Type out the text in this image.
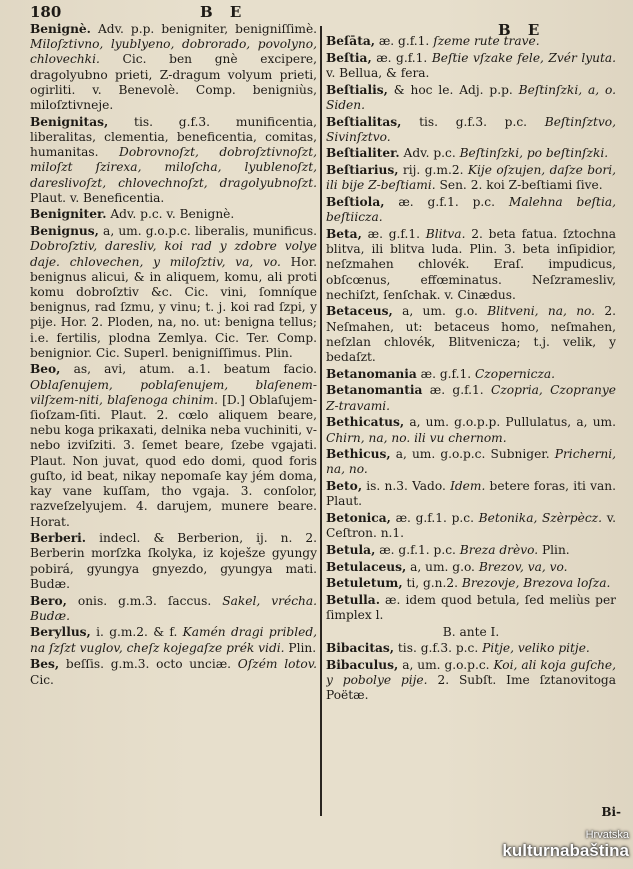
180	B E
B E
Benignè. Adv. p.p. benigniter, benigniſſimè. Miloſztivno, lyublyeno, dobrorado, povolyno, chlovechki. Cic. ben gnè excipere, dragolyubno prieti, Z-dragum volyum prieti, ogirliti. v. Benevolè. Comp. benigniùs, miloſztivneje.
Benignitas, tis. g.f.3. munificentia, liberalitas, clementia, beneficentia, comitas, humanitas. Dobrovnoſzt, dobroſztivnoſzt, miloſzt ſzirexa, miloſcha, lyublenoſzt, dareslivoſzt, chlovechnoſzt, dragolyubnoſzt. Plaut. v. Beneficentia.
Benigniter. Adv. p.c. v. Benignè.
Benignus, a, um. g.o.p.c. liberalis, munificus. Dobroſztiv, daresliv, koi rad y zdobre volye daje. chlovechen, y miloſztiv, va, vo. Hor. benignus alicui, & in aliquem, komu, ali proti komu dobroſztiv &c. Cic. vini, ſomníque benignus, rad ſzmu, y vinu; t. j. koi rad ſzpi, y pije. Hor. 2. Ploden, na, no. ut: benigna tellus; i.e. fertilis, plodna Zemlya. Cic. Ter. Comp. benignior. Cic. Superl. benigniſſimus. Plin.
Beo, as, avi, atum. a.1. beatum facio. Oblaſenujem, poblaſenujem, blaſenem-vilſzem-niti, blaſenoga chinim. [D.] Oblaſujem-ſioſzam-ſiti. Plaut. 2. cœlo aliquem beare, nebu koga prikaxati, delnika neba vuchiniti, v-nebo izviſziti. 3. ſemet beare, ſzebe vgajati. Plaut. Non juvat, quod edo domi, quod foris guſto, id beat, nikay nepomaſe kay jém doma, kay vane kuſſam, tho vgaja. 3. conſolor, razveſzelyujem. 4. darujem, munere beare. Horat.
Berberi. indecl. & Berberion, ij. n. 2. Berberin morſzka ſkolyka, iz koješze gyungy pobirá, gyungya gnyezdo, gyungya mati. Budæ.
Bero, onis. g.m.3. ſaccus. Sakel, vrécha. Budæ.
Beryllus, i. g.m.2. & f. Kamén dragi pribled, na ſzſzt vuglov, cheſz kojegaſze prék vidi. Plin.
Bes, beſſis. g.m.3. octo unciæ. Oſzém lotov. Cic.
Beſāta, æ. g.f.1. ſzeme rute trave.
Beſtia, æ. g.f.1. Beſtie vſzake fele, Zvér lyuta. v. Bellua, & fera.
Beſtialis, & hoc le. Adj. p.p. Beſtinſzki, a, o. Siden.
Beſtialitas, tis. g.f.3. p.c. Beſtinſztvo, Sivinſztvo.
Beſtialiter. Adv. p.c. Beſtinſzki, po beſtinſzki.
Beſtiarius, rij. g.m.2. Kije oſzujen, daſze bori, ili bije Z-beſtiami. Sen. 2. koi Z-beſtiami ſive.
Beſtiola, æ. g.f.1. p.c. Malehna beſtia, beſtiicza.
Beta, æ. g.f.1. Blitva. 2. beta fatua. ſztochna blitva, ili blitva luda. Plin. 3. beta inſipidior, neſzmahen chlovék. Eraſ. impudicus, obſcœnus, effœminatus. Neſzramesliv, nechiſzt, ſenſchak. v. Cinædus.
Betaceus, a, um. g.o. Blitveni, na, no. 2. Neſmahen, ut: betaceus homo, neſmahen, neſzlan chlovék, Blitvenicza; t.j. velik, y bedaſzt.
Betanomania æ. g.f.1. Czopernicza.
Betanomantia æ. g.f.1. Czopria, Czopranye Z-travami.
Bethicatus, a, um. g.o.p.p. Pullulatus, a, um. Chirn, na, no. ili vu chernom.
Bethicus, a, um. g.o.p.c. Subniger. Pricherni, na, no.
Beto, is. n.3. Vado. Idem. betere foras, iti van. Plaut.
Betonica, æ. g.f.1. p.c. Betonika, Szèrpècz. v. Ceſtron. n.1.
Betula, æ. g.f.1. p.c. Breza drèvo. Plin.
Betulaceus, a, um. g.o. Brezov, va, vo.
Betuletum, ti, g.n.2. Brezovje, Brezova loſza.
Betulla. æ. idem quod betula, ſed meliùs per ſimplex l.
B. ante I.
Bibacitas, tis. g.f.3. p.c. Pitje, veliko pitje.
Bibaculus, a, um. g.o.p.c. Koi, ali koja guſche, y pobolye pije. 2. Subſt. Ime ſztanovitoga Poëtæ.
Bi-
Hrvatska
kulturnabaština
